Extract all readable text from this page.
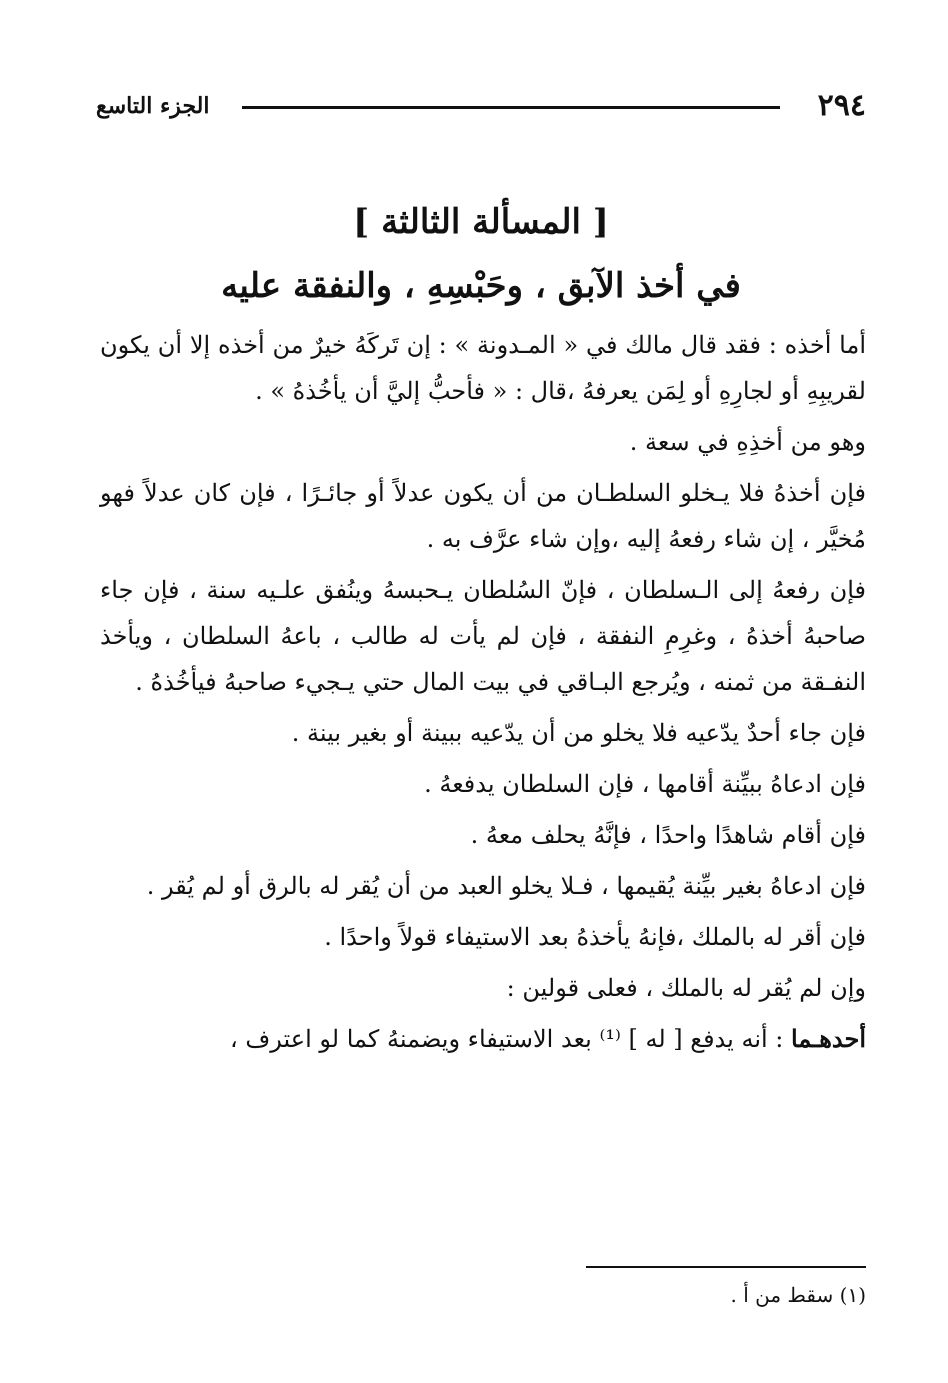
٢٩٤
الجزء التاسع
[ المسألة الثالثة ]
في أخذ الآبق ، وحَبْسِهِ ، والنفقة عليه

أما أخذه : فقد قال مالك في « المـدونة » : إن تَركَهُ خيرٌ من أخذه إلا أن يكون لقريبِهِ أو لجارِهِ أو لِمَن يعرفهُ ،قال : « فأحبُّ إليَّ أن يأخُذهُ » .

وهو من أخذِهِ في سعة .

فإن أخذهُ فلا يـخلو السلطـان من أن يكون عدلاً أو جائـرًا ، فإن كان عدلاً فهو مُخيَّر ، إن شاء رفعهُ إليه ،وإن شاء عرَّف به .

فإن رفعهُ إلى الـسلطان ، فإنّ السُلطان يـحبسهُ وينُفق علـيه سنة ، فإن جاء صاحبهُ أخذهُ ، وغرِمِ النفقة ، فإن لم يأت له طالب ، باعهُ السلطان ، ويأخذ النفـقة من ثمنه ، ويُرجع البـاقي في بيت المال حتي يـجيء صاحبهُ فيأخُذهُ .

فإن جاء أحدٌ يدّعيه فلا يخلو من أن يدّعيه ببينة أو بغير بينة .

فإن ادعاهُ ببيِّنة أقامها ، فإن السلطان يدفعهُ .

فإن أقام شاهدًا واحدًا ، فإنَّهُ يحلف معهُ .

فإن ادعاهُ بغير بيِّنة يُقيمها ، فـلا يخلو العبد من أن يُقر له بالرق أو لم يُقر .

فإن أقر له بالملك ،فإنهُ يأخذهُ بعد الاستيفاء قولاً واحدًا .

وإن لم يُقر له بالملك ، فعلى قولين :

أحدهـما : أنه يدفع [ له ] ⁽¹⁾ بعد الاستيفاء ويضمنهُ كما لو اعترف ،

(١) سقط من أ .
